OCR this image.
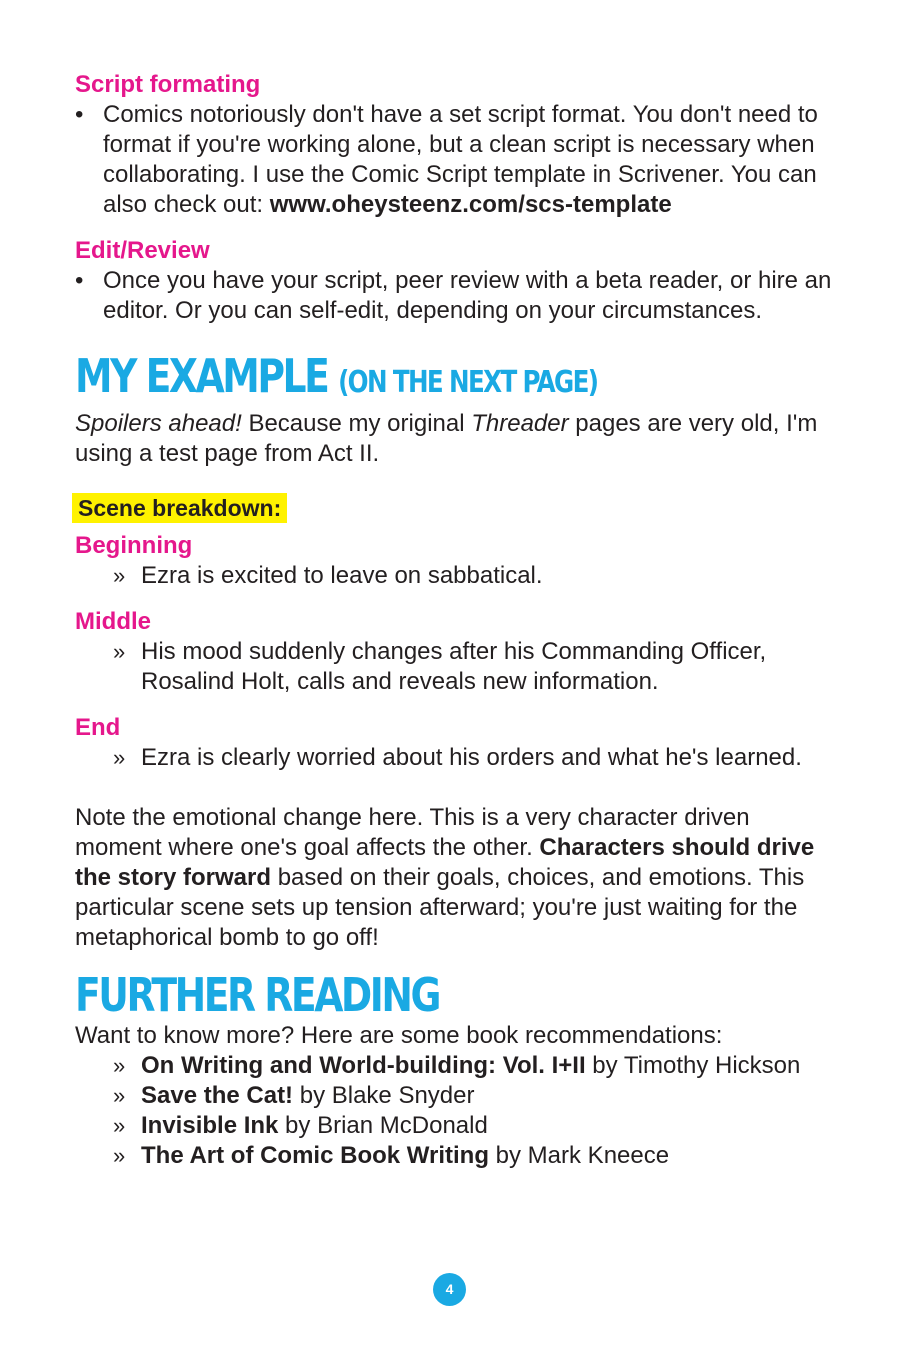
Script formating

• Comics notoriously don't have a set script format. You don't need to format if you're working alone, but a clean script is necessary when collaborating. I use the Comic Script template in Scrivener. You can also check out: www.oheysteenz.com/scs-template

Edit/Review

• Once you have your script, peer review with a beta reader, or hire an editor. Or you can self-edit, depending on your circumstances.

MY EXAMPLE (ON THE NEXT PAGE)

Spoilers ahead! Because my original Threader pages are very old, I'm using a test page from Act II.

Scene breakdown:

Beginning

» Ezra is excited to leave on sabbatical.

Middle

» His mood suddenly changes after his Commanding Officer, Rosalind Holt, calls and reveals new information.

End

» Ezra is clearly worried about his orders and what he's learned.

Note the emotional change here. This is a very character driven moment where one's goal affects the other. Characters should drive the story forward based on their goals, choices, and emotions. This particular scene sets up tension afterward; you're just waiting for the metaphorical bomb to go off!

FURTHER READING

Want to know more? Here are some book recommendations:

» On Writing and World-building: Vol. I+II by Timothy Hickson
» Save the Cat! by Blake Snyder
» Invisible Ink by Brian McDonald
» The Art of Comic Book Writing by Mark Kneece
4
